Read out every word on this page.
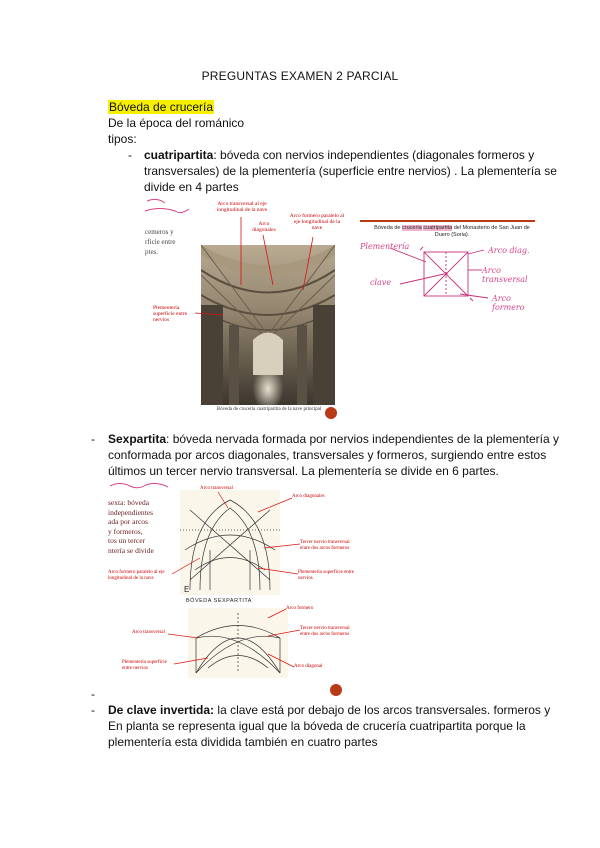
PREGUNTAS EXAMEN 2 PARCIAL
Bóveda de crucería
De la época del románico
tipos:
- cuatripartita: bóveda con nervios independientes (diagonales formeros y
transversales) de la plementería (superficie entre nervios) . La plementería se
divide en 4 partes
cemeros y
rficie entre
ptes.
Arco transversal al eje longitudinal de la nave
Arco diagonales
Arco formero paralelo al eje longitudinal de la nave
Plementería superficie entre nervios
Bóveda de crucería cuatripartita de la nave principal
Bóveda de crucería cuatripartita del Monasterio de San Juan de Duero (Soria).
Plementería	Arco diag.
Arco transversal
clave
Arco formero
- Sexpartita: bóveda nervada formada por nervios independientes de la plementería y
conformada por arcos diagonales, transversales y formeros, surgiendo entre estos
últimos un tercer nervio transversal. La plementería se divide en 6 partes.
sexta: bóveda
independientes
ada por arcos
y formeros,
tos un tercer
ntería se divide
E
BÓVEDA SEXPARTITA
Arco transversal
Arco diagonales
Tercer nervio transversal entre dos arcos formeros
Arco formero paralelo al eje longitudinal de la nave
Plementería superficie entre nervios
Arco formero
Arco transversal
Tercer nervio transversal entre dos arcos formeros
Plementería superficie entre nervios	Arco diagonal
-
- De clave invertida: la clave está por debajo de los arcos transversales. formeros y
En planta se representa igual que la bóveda de crucería cuatripartita porque la
plementería esta dividida también en cuatro partes
